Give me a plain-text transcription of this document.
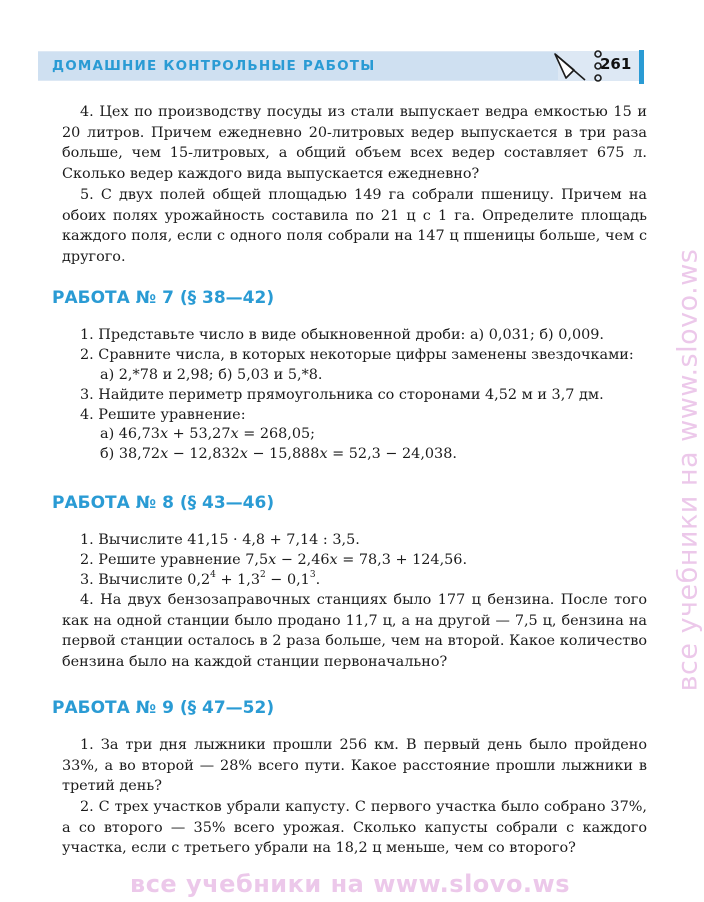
ДОМАШНИЕ КОНТРОЛЬНЫЕ РАБОТЫ	261
4. Цех по производству посуды из стали выпускает ведра емкостью 15 и 20 литров. Причем ежедневно 20-литровых ведер выпускается в три раза больше, чем 15-литровых, а общий объем всех ведер составляет 675 л. Сколько ведер каждого вида выпускается ежедневно?
5. С двух полей общей площадью 149 га собрали пшеницу. Причем на обоих полях урожайность составила по 21 ц с 1 га. Определите площадь каждого поля, если с одного поля собрали на 147 ц пшеницы больше, чем с другого.
РАБОТА № 7 (§ 38—42)
1. Представьте число в виде обыкновенной дроби: а) 0,031; б) 0,009.
2. Сравните числа, в которых некоторые цифры заменены звездочками:
а) 2,*78 и 2,98; б) 5,03 и 5,*8.
3. Найдите периметр прямоугольника со сторонами 4,52 м и 3,7 дм.
4. Решите уравнение:
а) 46,73x + 53,27x = 268,05;
б) 38,72x − 12,832x − 15,888x = 52,3 − 24,038.
РАБОТА № 8 (§ 43—46)
1. Вычислите 41,15 · 4,8 + 7,14 : 3,5.
2. Решите уравнение 7,5x − 2,46x = 78,3 + 124,56.
3. Вычислите $0,2^4 + 1,3^2 - 0,1^3$.
4. На двух бензозаправочных станциях было 177 ц бензина. После того как на одной станции было продано 11,7 ц, а на другой — 7,5 ц, бензина на первой станции осталось в 2 раза больше, чем на второй. Какое количество бензина было на каждой станции первоначально?
РАБОТА № 9 (§ 47—52)
1. За три дня лыжники прошли 256 км. В первый день было пройдено 33%, а во второй — 28% всего пути. Какое расстояние прошли лыжники в третий день?
2. С трех участков убрали капусту. С первого участка было собрано 37%, а со второго — 35% всего урожая. Сколько капусты собрали с каждого участка, если с третьего убрали на 18,2 ц меньше, чем со второго?
все учебники на www.slovo.ws
все учебники на www.slovo.ws
